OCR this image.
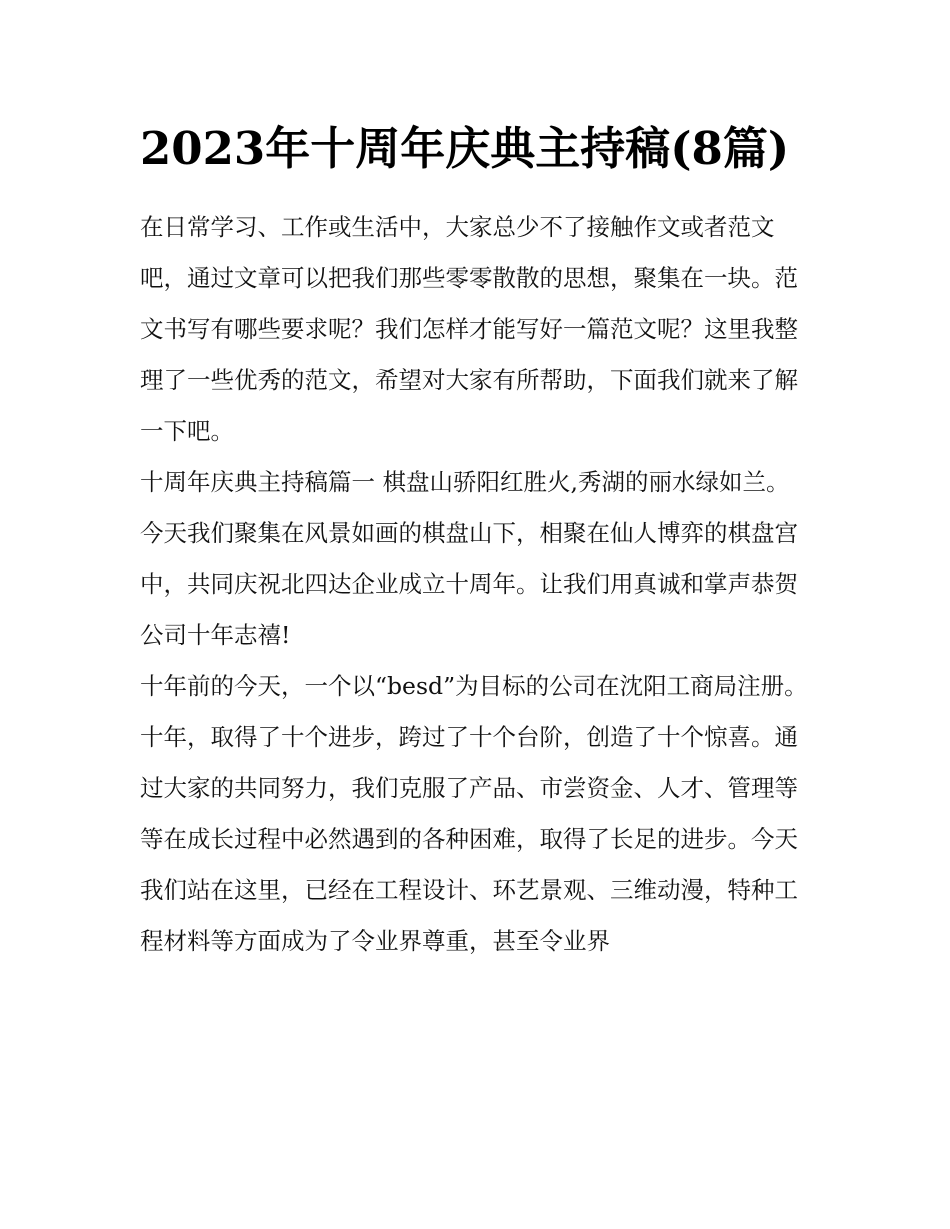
2023年十周年庆典主持稿(8篇)

在日常学习、工作或生活中，大家总少不了接触作文或者范文吧，通过文章可以把我们那些零零散散的思想，聚集在一块。范文书写有哪些要求呢？我们怎样才能写好一篇范文呢？这里我整理了一些优秀的范文，希望对大家有所帮助，下面我们就来了解一下吧。

十周年庆典主持稿篇一 棋盘山骄阳红胜火,秀湖的丽水绿如兰。

今天我们聚集在风景如画的棋盘山下，相聚在仙人博弈的棋盘宫中，共同庆祝北四达企业成立十周年。让我们用真诚和掌声恭贺公司十年志禧!

十年前的今天，一个以“besd”为目标的公司在沈阳工商局注册。十年，取得了十个进步，跨过了十个台阶，创造了十个惊喜。通过大家的共同努力，我们克服了产品、市尝资金、人才、管理等等在成长过程中必然遇到的各种困难，取得了长足的进步。今天我们站在这里，已经在工程设计、环艺景观、三维动漫，特种工程材料等方面成为了令业界尊重，甚至令业界
